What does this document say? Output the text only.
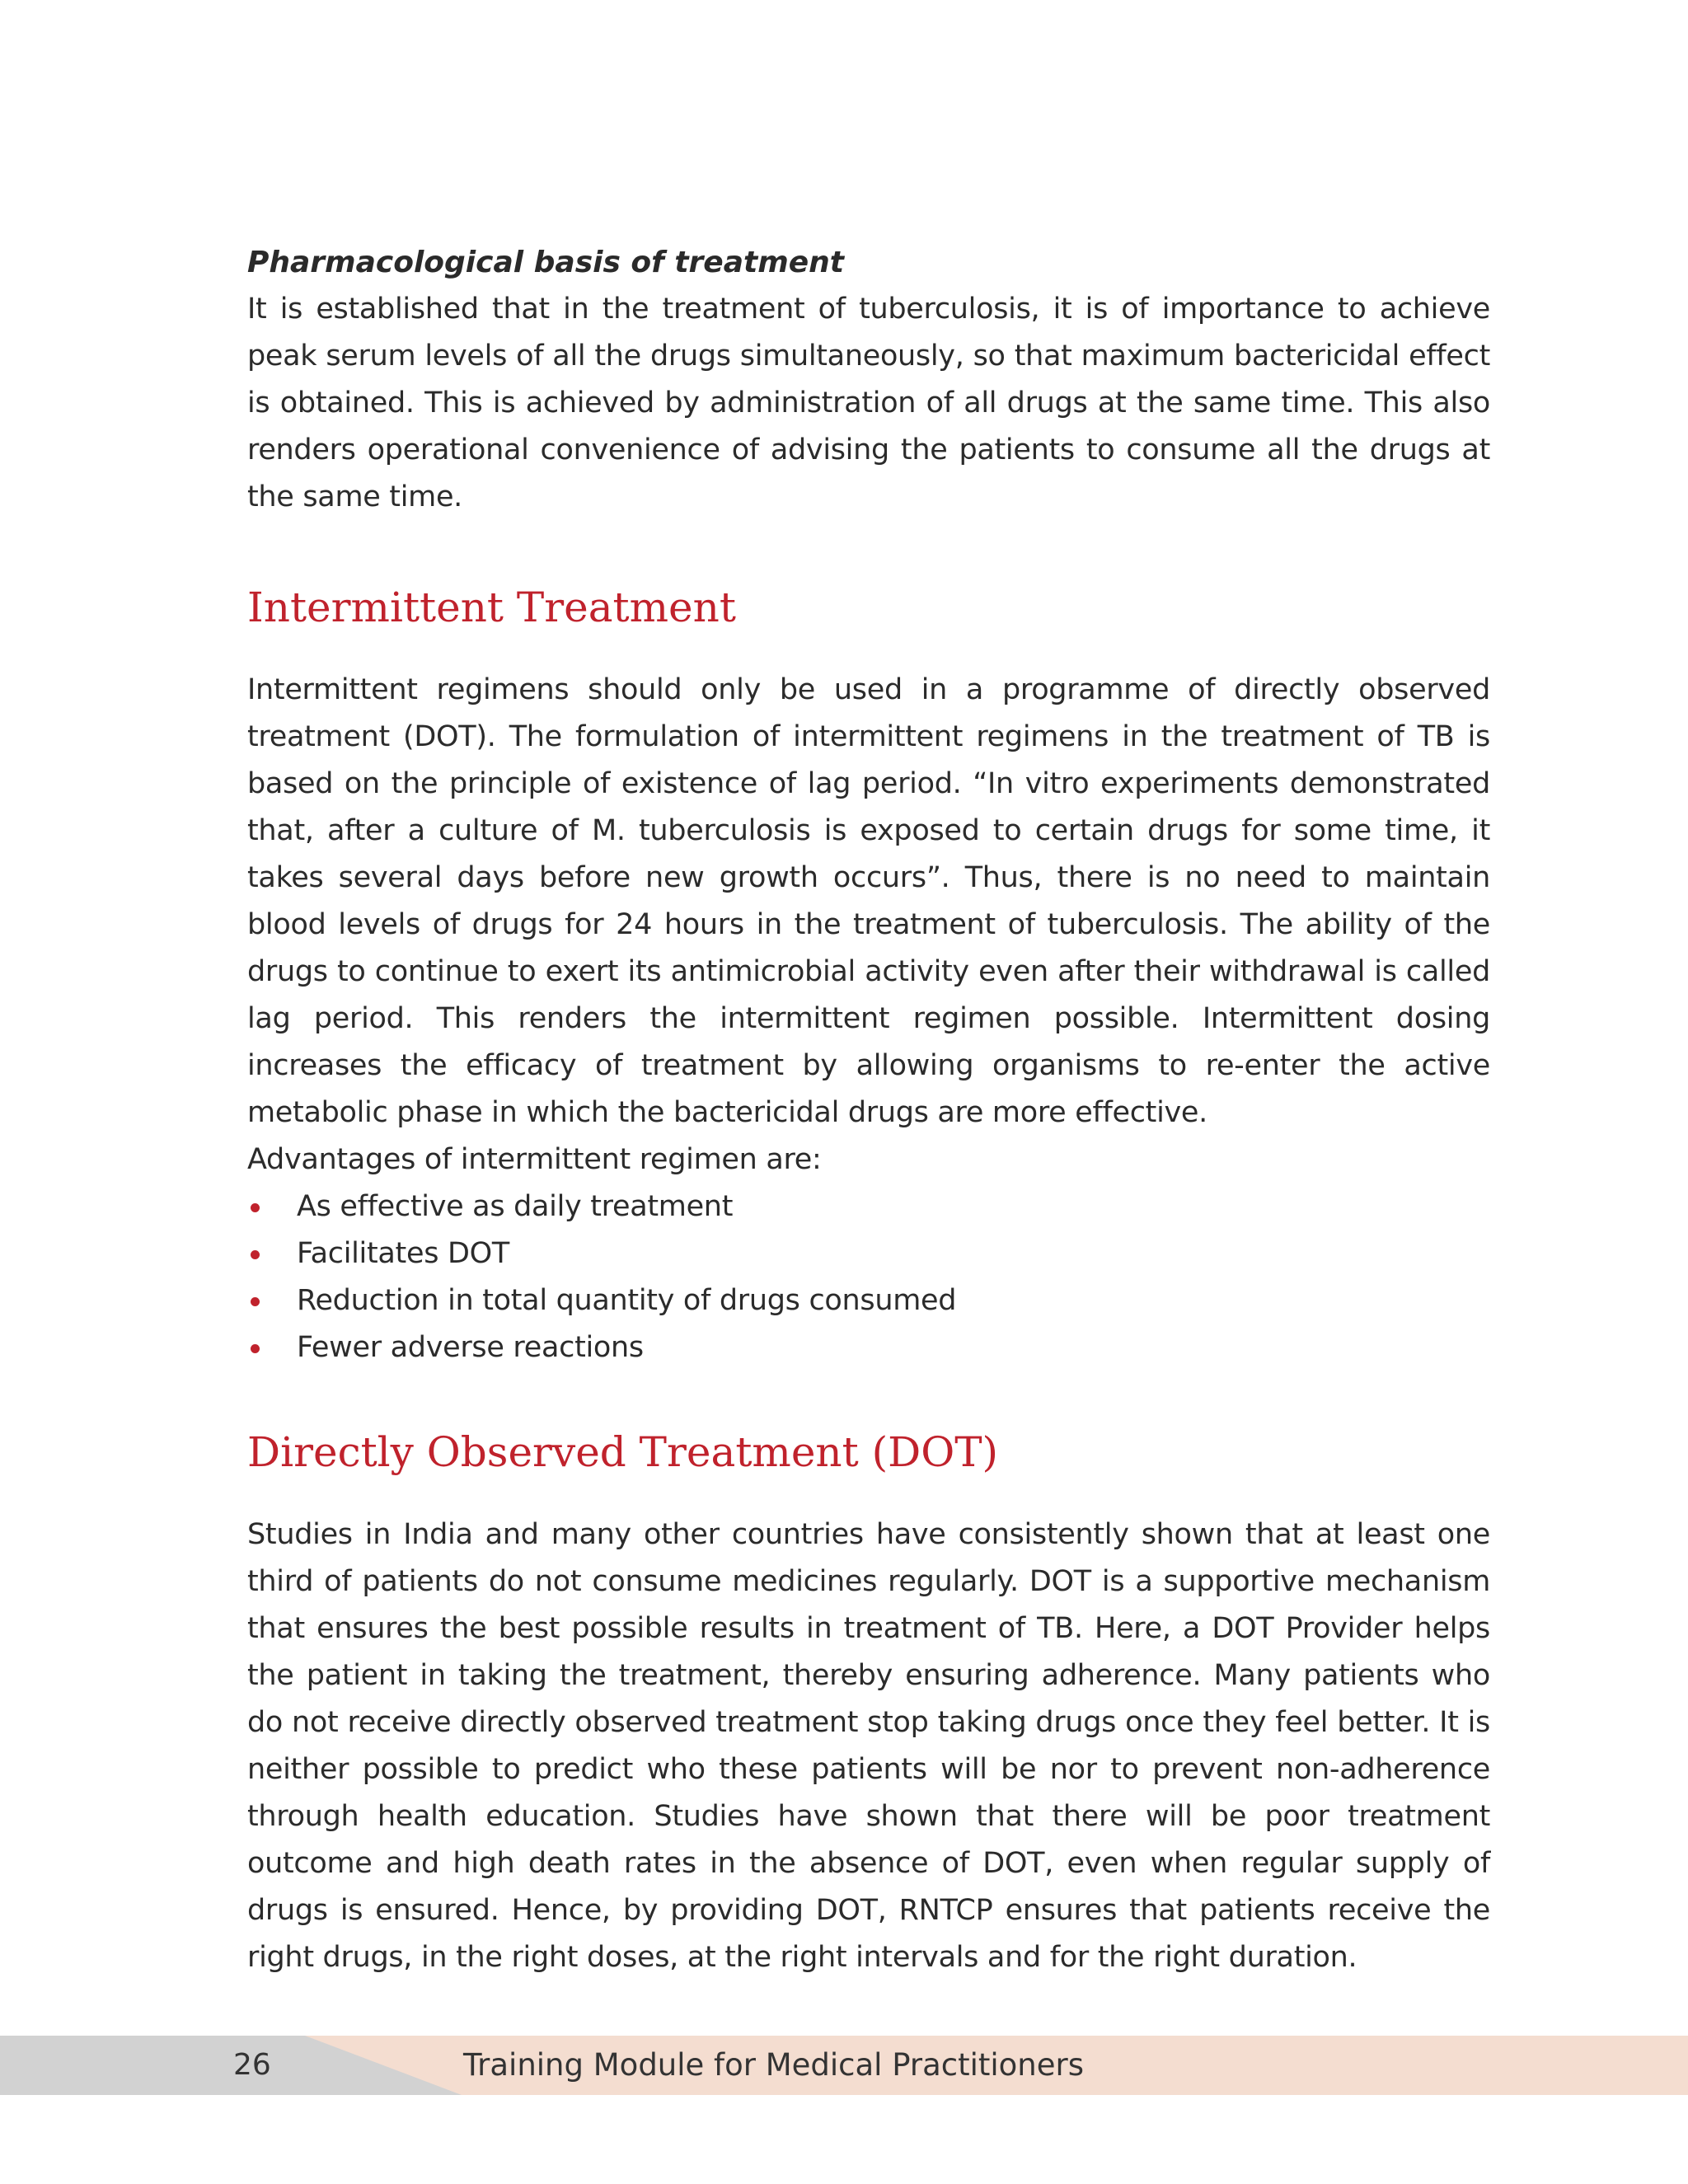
Pharmacological basis of treatment

It is established that in the treatment of tuberculosis, it is of importance to achieve peak serum levels of all the drugs simultaneously, so that maximum bactericidal effect is obtained. This is achieved by administration of all drugs at the same time. This also renders operational convenience of advising the patients to consume all the drugs at the same time.

Intermittent Treatment

Intermittent regimens should only be used in a programme of directly observed treatment (DOT). The formulation of intermittent regimens in the treatment of TB is based on the principle of existence of lag period. “In vitro experiments demonstrated that, after a culture of M. tuberculosis is exposed to certain drugs for some time, it takes several days before new growth occurs”. Thus, there is no need to maintain blood levels of drugs for 24 hours in the treatment of tuberculosis. The ability of the drugs to continue to exert its antimicrobial activity even after their withdrawal is called lag period. This renders the intermittent regimen possible. Intermittent dosing increases the efficacy of treatment by allowing organisms to re-enter the active metabolic phase in which the bactericidal drugs are more effective.

Advantages of intermittent regimen are:

As effective as daily treatment
Facilitates DOT
Reduction in total quantity of drugs consumed
Fewer adverse reactions
Directly Observed Treatment (DOT)

Studies in India and many other countries have consistently shown that at least one third of patients do not consume medicines regularly. DOT is a supportive mechanism that ensures the best possible results in treatment of TB. Here, a DOT Provider helps the patient in taking the treatment, thereby ensuring adherence. Many patients who do not receive directly observed treatment stop taking drugs once they feel better. It is neither possible to predict who these patients will be nor to prevent non-adherence through health education. Studies have shown that there will be poor treatment outcome and high death rates in the absence of DOT, even when regular supply of drugs is ensured. Hence, by providing DOT, RNTCP ensures that patients receive the right drugs, in the right doses, at the right intervals and for the right duration.

26	Training Module for Medical Practitioners
